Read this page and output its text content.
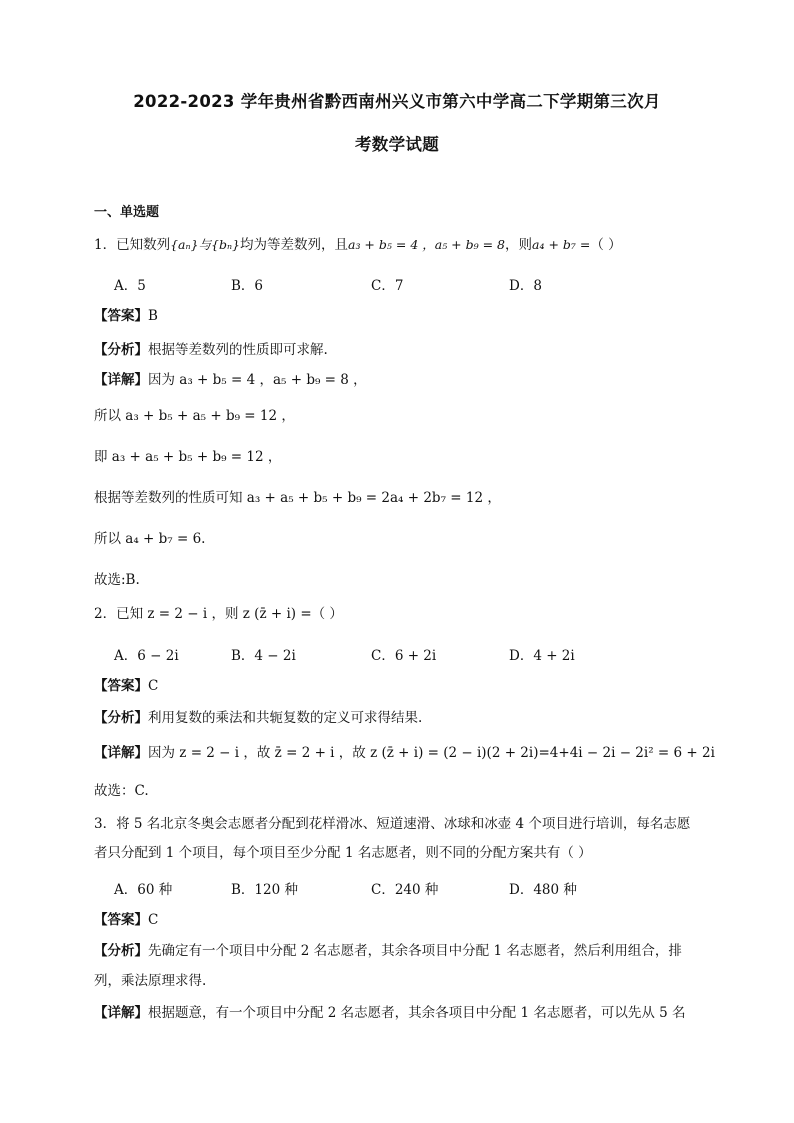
2022-2023 学年贵州省黔西南州兴义市第六中学高二下学期第三次月
考数学试题
一、单选题
1．已知数列{aₙ}与{bₙ}均为等差数列，且a₃ + b₅ = 4 ，a₅ + b₉ = 8，则a₄ + b₇ =（ ）
A．5	B．6	C．7	D．8
【答案】B
【分析】根据等差数列的性质即可求解.
【详解】因为 a₃ + b₅ = 4 ，a₅ + b₉ = 8 ，
所以 a₃ + b₅ + a₅ + b₉ = 12 ，
即 a₃ + a₅ + b₅ + b₉ = 12 ，
根据等差数列的性质可知 a₃ + a₅ + b₅ + b₉ = 2a₄ + 2b₇ = 12 ，
所以 a₄ + b₇ = 6.
故选:B.
2．已知 z = 2 − i ，则 z (z̄ + i) =（ ）
A．6 − 2i	B．4 − 2i	C．6 + 2i	D．4 + 2i
【答案】C
【分析】利用复数的乘法和共轭复数的定义可求得结果.
【详解】因为 z = 2 − i ，故 z̄ = 2 + i ，故 z (z̄ + i) = (2 − i)(2 + 2i)=4+4i − 2i − 2i² = 6 + 2i
故选：C.
3．将 5 名北京冬奥会志愿者分配到花样滑冰、短道速滑、冰球和冰壶 4 个项目进行培训，每名志愿
者只分配到 1 个项目，每个项目至少分配 1 名志愿者，则不同的分配方案共有（ ）
A．60 种	B．120 种	C．240 种	D．480 种
【答案】C
【分析】先确定有一个项目中分配 2 名志愿者，其余各项目中分配 1 名志愿者，然后利用组合，排
列，乘法原理求得.
【详解】根据题意，有一个项目中分配 2 名志愿者，其余各项目中分配 1 名志愿者，可以先从 5 名
